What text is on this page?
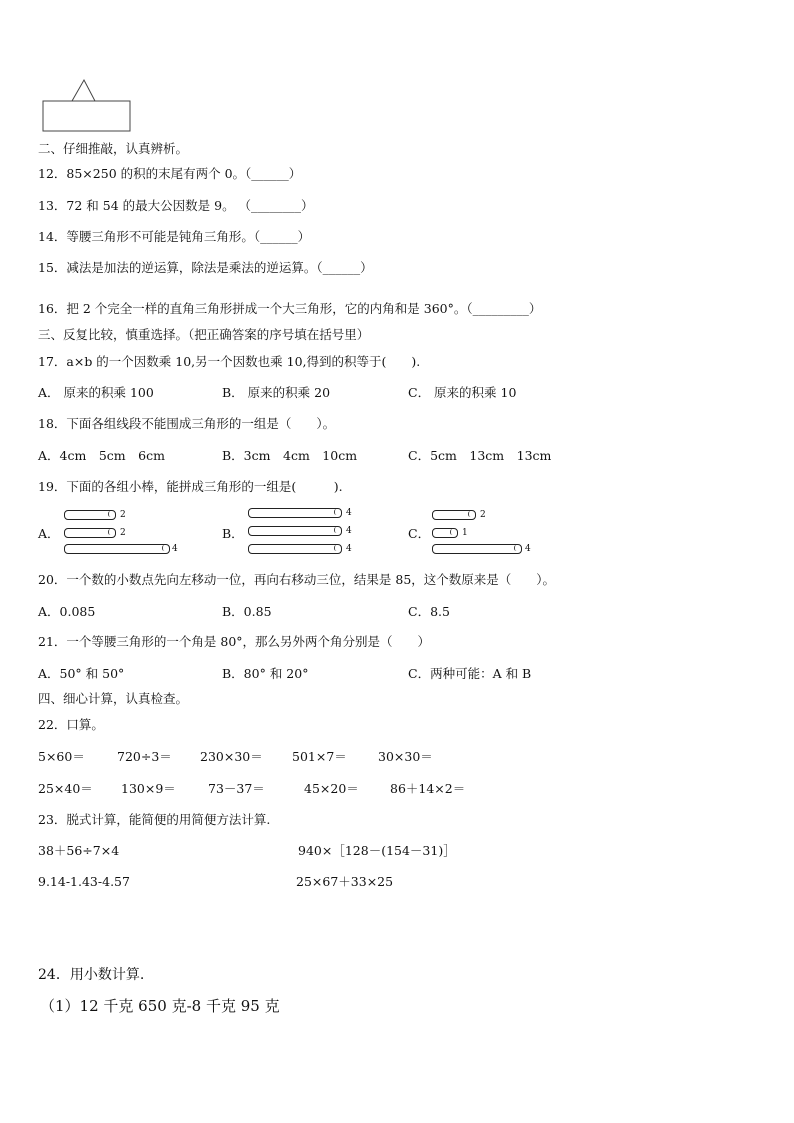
二、仔细推敲，认真辨析。
12．85×250 的积的末尾有两个 0。（______）
13．72 和 54 的最大公因数是 9。 （________）
14．等腰三角形不可能是钝角三角形。（______）
15．减法是加法的逆运算，除法是乘法的逆运算。（______）
16．把 2 个完全一样的直角三角形拼成一个大三角形，它的内角和是 360°。（_________）
三、反复比较，慎重选择。（把正确答案的序号填在括号里）
17．a×b 的一个因数乘 10,另一个因数也乘 10,得到的积等于(　　).
A． 原来的积乘 100	B． 原来的积乘 20	C． 原来的积乘 10
18．下面各组线段不能围成三角形的一组是（　　）。
A．4cm　5cm　6cm	B．3cm　4cm　10cm	C．5cm　13cm　13cm
19．下面的各组小棒，能拼成三角形的一组是(　　　).
A．
2
2
4
B．
4
4
4
C．
2
1
4
20．一个数的小数点先向左移动一位，再向右移动三位，结果是 85，这个数原来是（　　）。
A．0.085	B．0.85	C．8.5
21．一个等腰三角形的一个角是 80°，那么另外两个角分别是（　　）
A．50° 和 50°	B．80° 和 20°	C．两种可能：A 和 B
四、细心计算，认真检查。
22．口算。
5×60＝	720÷3＝ 230×30＝ 501×7＝ 30×30＝
25×40＝ 130×9＝	73－37＝	45×20＝ 86＋14×2＝
23．脱式计算，能简便的用简便方法计算.
38＋56÷7×4	940×［128－(154－31)］
9.14-1.43-4.57	25×67＋33×25
24．用小数计算.
（1）12 千克 650 克-8 千克 95 克
